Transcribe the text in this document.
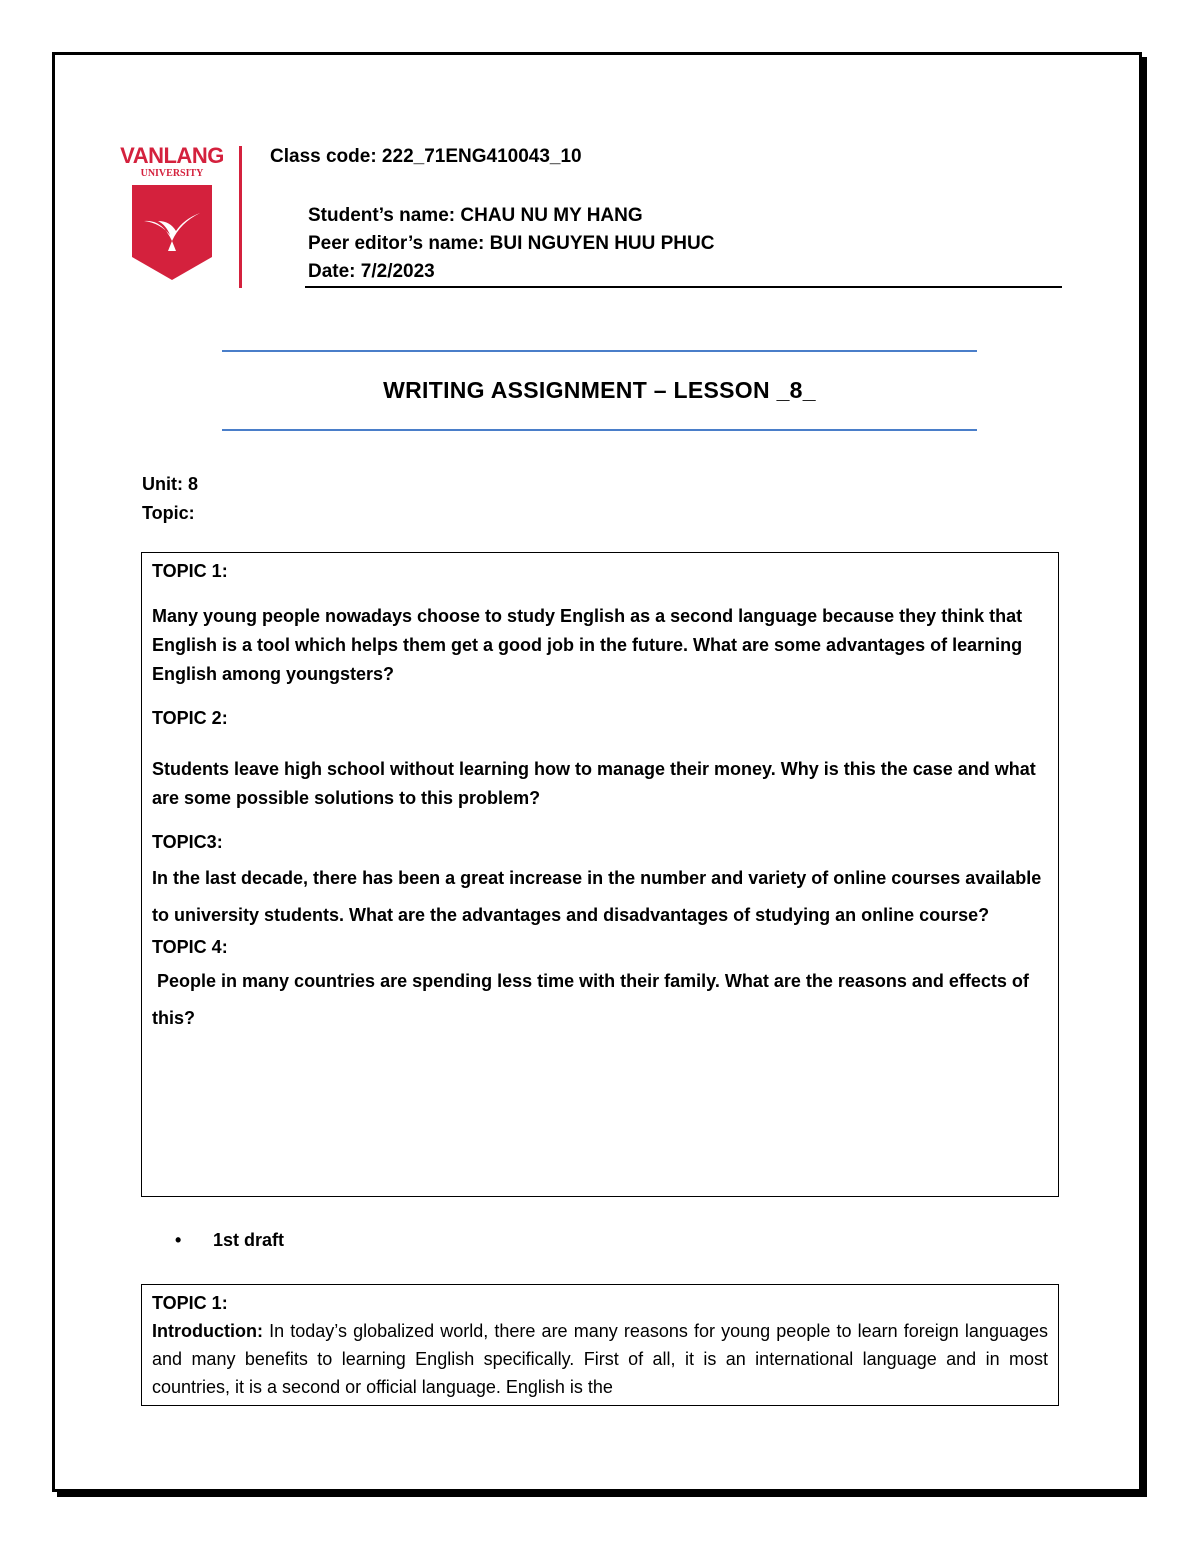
VANLANG
UNIVERSITY
Class code: 222_71ENG410043_10
Student’s name: CHAU NU MY HANG
Peer editor’s name: BUI NGUYEN HUU PHUC
Date: 7/2/2023
WRITING ASSIGNMENT – LESSON _8_
Unit: 8
Topic:

TOPIC 1:

Many young people nowadays choose to study English as a second language because they think that English is a tool which helps them get a good job in the future. What are some advantages of learning English among youngsters?

TOPIC 2:

Students leave high school without learning how to manage their money. Why is this the case and what are some possible solutions to this problem?

TOPIC3:

In the last decade, there has been a great increase in the number and variety of online courses available to university students. What are the advantages and disadvantages of studying an online course?

TOPIC 4:

People in many countries are spending less time with their family. What are the reasons and effects of this?

• 1st draft

TOPIC 1:

Introduction: In today’s globalized world, there are many reasons for young people to learn foreign languages and many benefits to learning English specifically. First of all, it is an international language and in most countries, it is a second or official language. English is the
